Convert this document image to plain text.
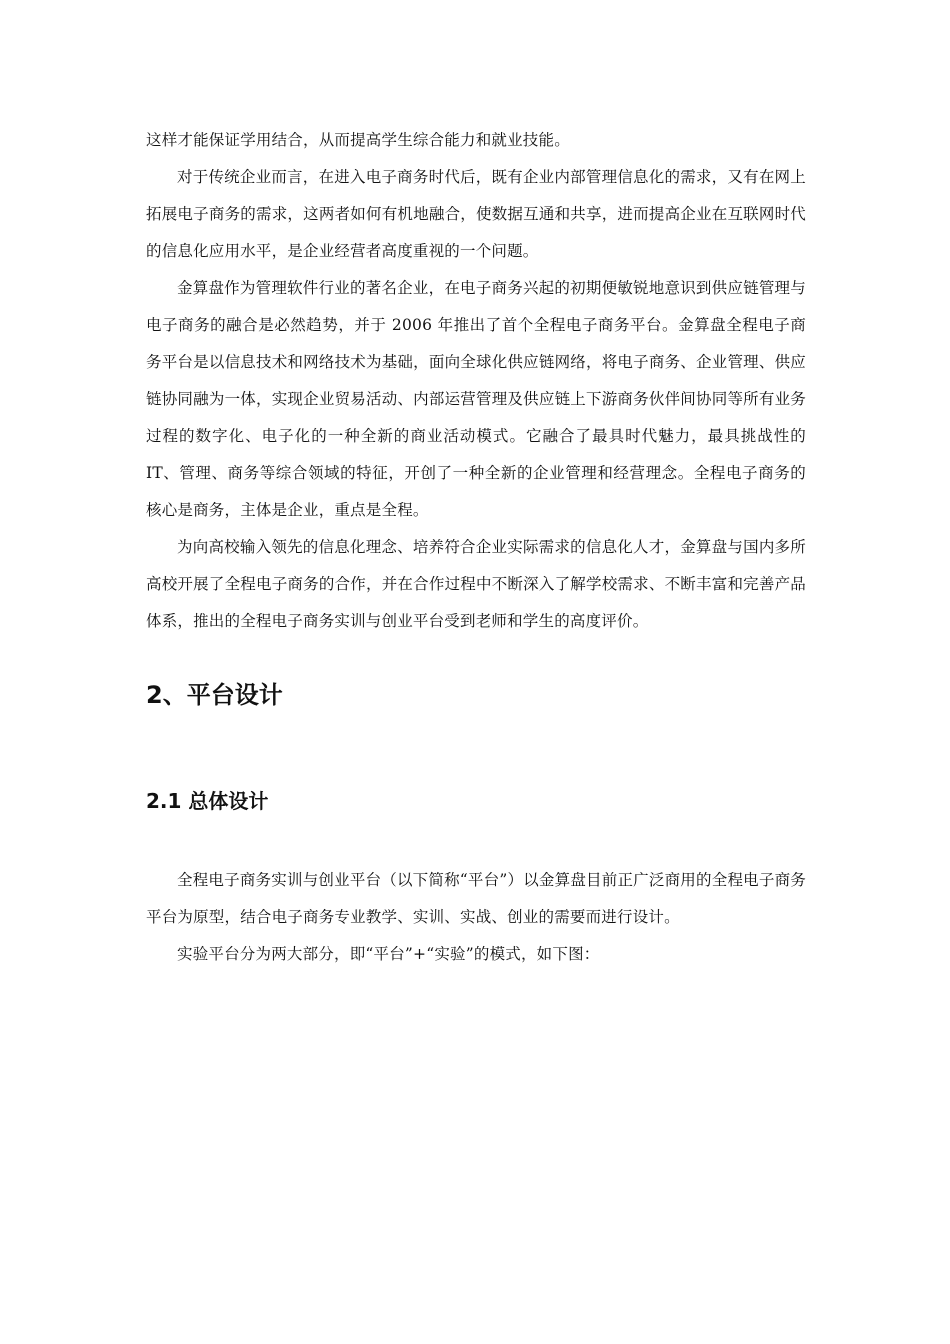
这样才能保证学用结合，从而提高学生综合能力和就业技能。

对于传统企业而言，在进入电子商务时代后，既有企业内部管理信息化的需求，又有在网上拓展电子商务的需求，这两者如何有机地融合，使数据互通和共享，进而提高企业在互联网时代的信息化应用水平，是企业经营者高度重视的一个问题。

金算盘作为管理软件行业的著名企业，在电子商务兴起的初期便敏锐地意识到供应链管理与电子商务的融合是必然趋势，并于 2006 年推出了首个全程电子商务平台。金算盘全程电子商务平台是以信息技术和网络技术为基础，面向全球化供应链网络，将电子商务、企业管理、供应链协同融为一体，实现企业贸易活动、内部运营管理及供应链上下游商务伙伴间协同等所有业务过程的数字化、电子化的一种全新的商业活动模式。它融合了最具时代魅力，最具挑战性的 IT、管理、商务等综合领域的特征，开创了一种全新的企业管理和经营理念。全程电子商务的核心是商务，主体是企业，重点是全程。

为向高校输入领先的信息化理念、培养符合企业实际需求的信息化人才，金算盘与国内多所高校开展了全程电子商务的合作，并在合作过程中不断深入了解学校需求、不断丰富和完善产品体系，推出的全程电子商务实训与创业平台受到老师和学生的高度评价。

2、平台设计
2.1 总体设计

全程电子商务实训与创业平台（以下简称“平台”）以金算盘目前正广泛商用的全程电子商务平台为原型，结合电子商务专业教学、实训、实战、创业的需要而进行设计。

实验平台分为两大部分，即“平台”+“实验”的模式，如下图：
